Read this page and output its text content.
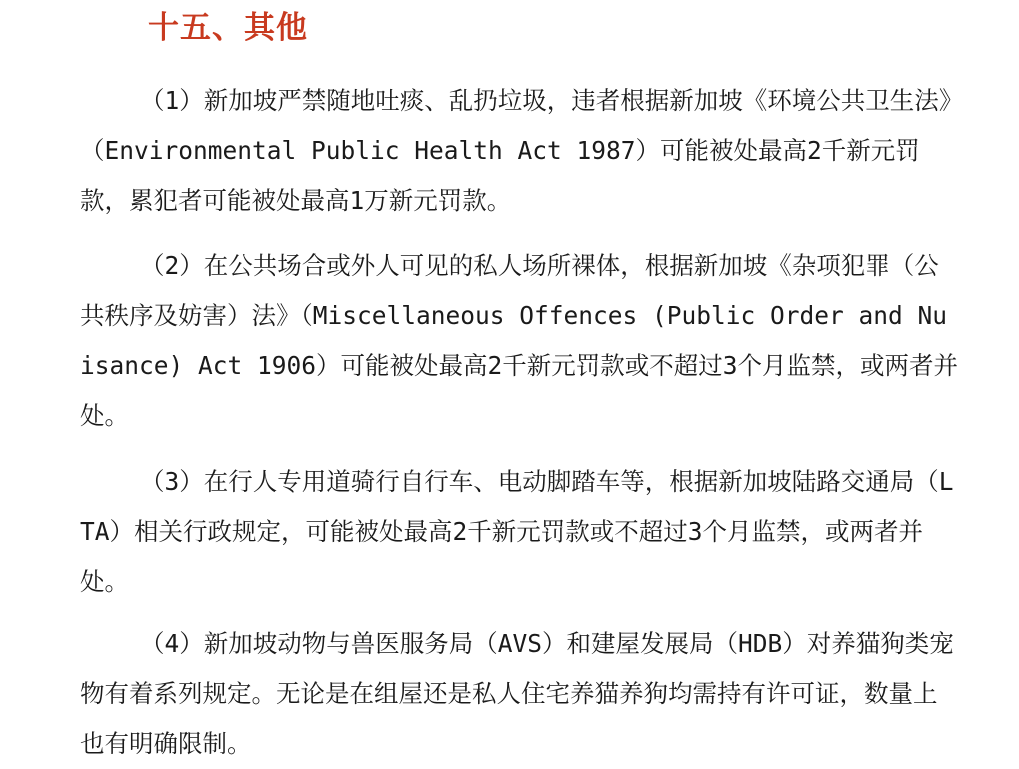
十五、其他

（1）新加坡严禁随地吐痰、乱扔垃圾，违者根据新加坡《环境公共卫生法》（Environmental Public Health Act 1987）可能被处最高2千新元罚款，累犯者可能被处最高1万新元罚款。

（2）在公共场合或外人可见的私人场所裸体，根据新加坡《杂项犯罪（公共秩序及妨害）法》（Miscellaneous Offences (Public Order and Nuisance) Act 1906）可能被处最高2千新元罚款或不超过3个月监禁，或两者并处。

（3）在行人专用道骑行自行车、电动脚踏车等，根据新加坡陆路交通局（LTA）相关行政规定，可能被处最高2千新元罚款或不超过3个月监禁，或两者并处。

（4）新加坡动物与兽医服务局（AVS）和建屋发展局（HDB）对养猫狗类宠物有着系列规定。无论是在组屋还是私人住宅养猫养狗均需持有许可证，数量上也有明确限制。
